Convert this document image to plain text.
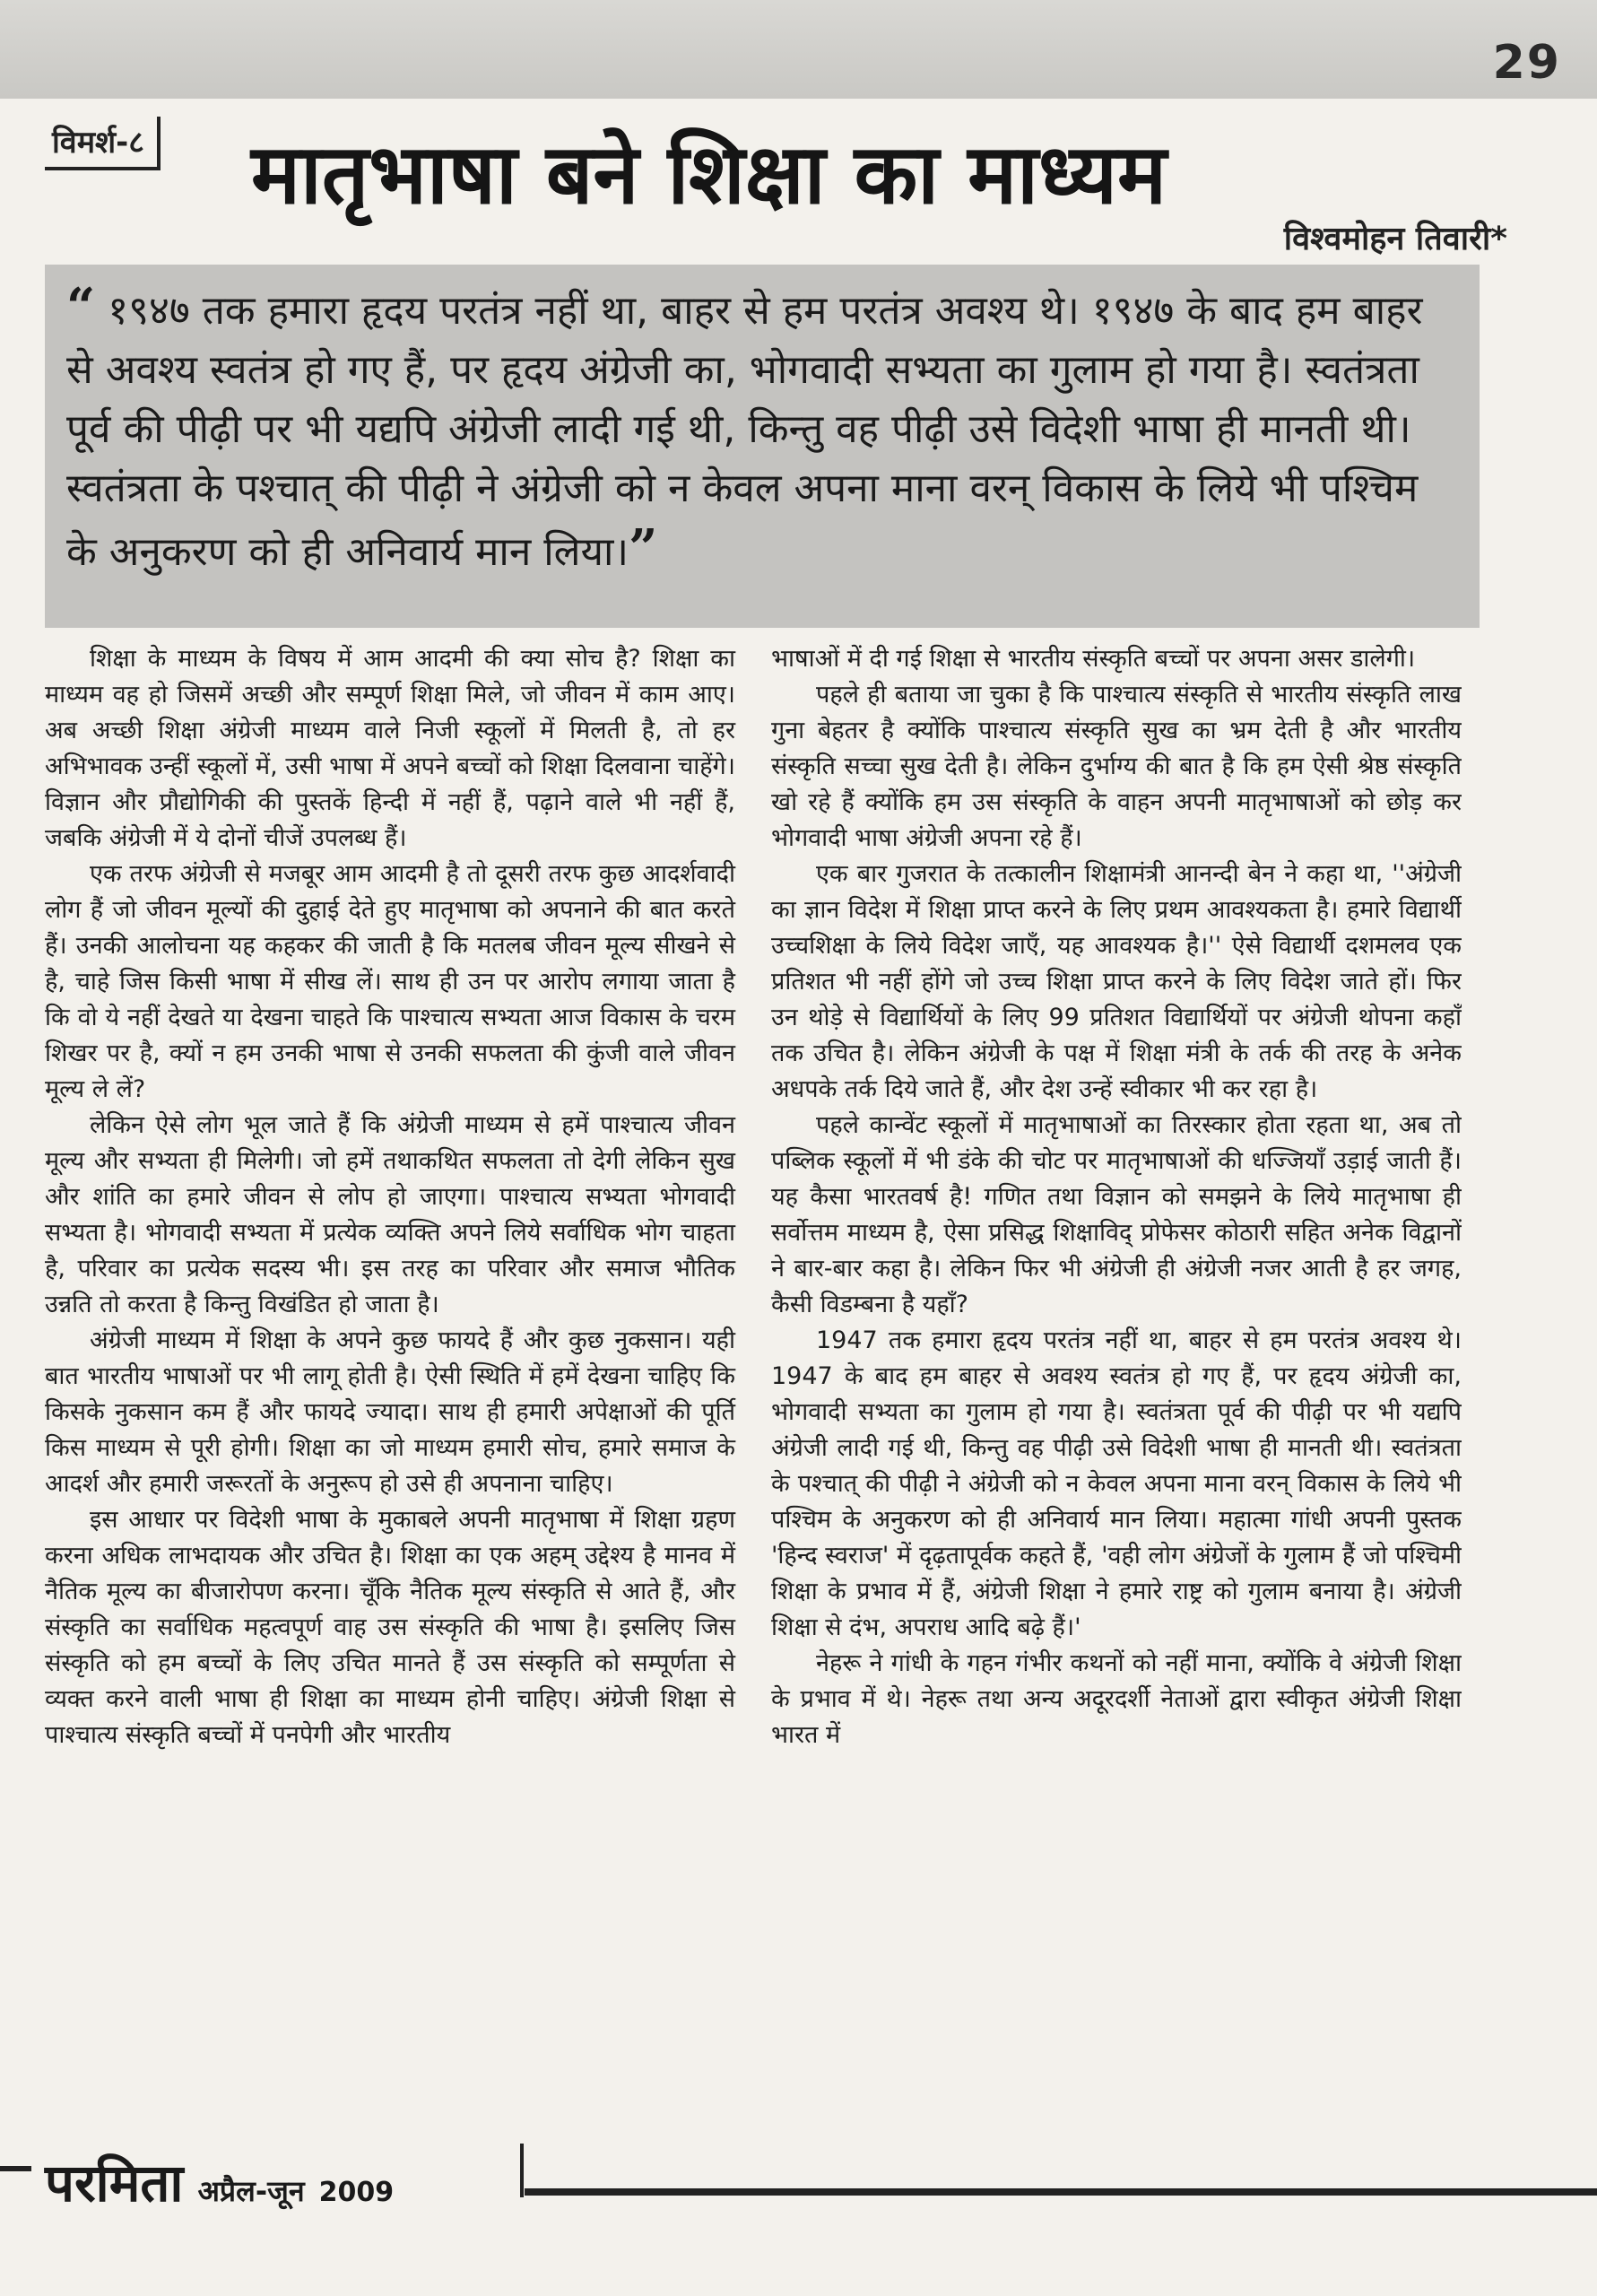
29
विमर्श-८ मातृभाषा बने शिक्षा का माध्यम
विश्वमोहन तिवारी*
“ १९४७ तक हमारा हृदय परतंत्र नहीं था, बाहर से हम परतंत्र अवश्य थे। १९४७ के बाद हम बाहर से अवश्य स्वतंत्र हो गए हैं, पर हृदय अंग्रेजी का, भोगवादी सभ्यता का गुलाम हो गया है। स्वतंत्रता पूर्व की पीढ़ी पर भी यद्यपि अंग्रेजी लादी गई थी, किन्तु वह पीढ़ी उसे विदेशी भाषा ही मानती थी। स्वतंत्रता के पश्चात् की पीढ़ी ने अंग्रेजी को न केवल अपना माना वरन् विकास के लिये भी पश्चिम के अनुकरण को ही अनिवार्य मान लिया।”

शिक्षा के माध्यम के विषय में आम आदमी की क्या सोच है? शिक्षा का माध्यम वह हो जिसमें अच्छी और सम्पूर्ण शिक्षा मिले, जो जीवन में काम आए। अब अच्छी शिक्षा अंग्रेजी माध्यम वाले निजी स्कूलों में मिलती है, तो हर अभिभावक उन्हीं स्कूलों में, उसी भाषा में अपने बच्चों को शिक्षा दिलवाना चाहेंगे। विज्ञान और प्रौद्योगिकी की पुस्तकें हिन्दी में नहीं हैं, पढ़ाने वाले भी नहीं हैं, जबकि अंग्रेजी में ये दोनों चीजें उपलब्ध हैं।

एक तरफ अंग्रेजी से मजबूर आम आदमी है तो दूसरी तरफ कुछ आदर्शवादी लोग हैं जो जीवन मूल्यों की दुहाई देते हुए मातृभाषा को अपनाने की बात करते हैं। उनकी आलोचना यह कहकर की जाती है कि मतलब जीवन मूल्य सीखने से है, चाहे जिस किसी भाषा में सीख लें। साथ ही उन पर आरोप लगाया जाता है कि वो ये नहीं देखते या देखना चाहते कि पाश्चात्य सभ्यता आज विकास के चरम शिखर पर है, क्यों न हम उनकी भाषा से उनकी सफलता की कुंजी वाले जीवन मूल्य ले लें?

लेकिन ऐसे लोग भूल जाते हैं कि अंग्रेजी माध्यम से हमें पाश्चात्य जीवन मूल्य और सभ्यता ही मिलेगी। जो हमें तथाकथित सफलता तो देगी लेकिन सुख और शांति का हमारे जीवन से लोप हो जाएगा। पाश्चात्य सभ्यता भोगवादी सभ्यता है। भोगवादी सभ्यता में प्रत्येक व्यक्ति अपने लिये सर्वाधिक भोग चाहता है, परिवार का प्रत्येक सदस्य भी। इस तरह का परिवार और समाज भौतिक उन्नति तो करता है किन्तु विखंडित हो जाता है।

अंग्रेजी माध्यम में शिक्षा के अपने कुछ फायदे हैं और कुछ नुकसान। यही बात भारतीय भाषाओं पर भी लागू होती है। ऐसी स्थिति में हमें देखना चाहिए कि किसके नुकसान कम हैं और फायदे ज्यादा। साथ ही हमारी अपेक्षाओं की पूर्ति किस माध्यम से पूरी होगी। शिक्षा का जो माध्यम हमारी सोच, हमारे समाज के आदर्श और हमारी जरूरतों के अनुरूप हो उसे ही अपनाना चाहिए।

इस आधार पर विदेशी भाषा के मुकाबले अपनी मातृभाषा में शिक्षा ग्रहण करना अधिक लाभदायक और उचित है। शिक्षा का एक अहम् उद्देश्य है मानव में नैतिक मूल्य का बीजारोपण करना। चूँकि नैतिक मूल्य संस्कृति से आते हैं, और संस्कृति का सर्वाधिक महत्वपूर्ण वाह उस संस्कृति की भाषा है। इसलिए जिस संस्कृति को हम बच्चों के लिए उचित मानते हैं उस संस्कृति को सम्पूर्णता से व्यक्त करने वाली भाषा ही शिक्षा का माध्यम होनी चाहिए। अंग्रेजी शिक्षा से पाश्चात्य संस्कृति बच्चों में पनपेगी और भारतीय

भाषाओं में दी गई शिक्षा से भारतीय संस्कृति बच्चों पर अपना असर डालेगी।

पहले ही बताया जा चुका है कि पाश्चात्य संस्कृति से भारतीय संस्कृति लाख गुना बेहतर है क्योंकि पाश्चात्य संस्कृति सुख का भ्रम देती है और भारतीय संस्कृति सच्चा सुख देती है। लेकिन दुर्भाग्य की बात है कि हम ऐसी श्रेष्ठ संस्कृति खो रहे हैं क्योंकि हम उस संस्कृति के वाहन अपनी मातृभाषाओं को छोड़ कर भोगवादी भाषा अंग्रेजी अपना रहे हैं।

एक बार गुजरात के तत्कालीन शिक्षामंत्री आनन्दी बेन ने कहा था, ''अंग्रेजी का ज्ञान विदेश में शिक्षा प्राप्त करने के लिए प्रथम आवश्यकता है। हमारे विद्यार्थी उच्चशिक्षा के लिये विदेश जाएँ, यह आवश्यक है।'' ऐसे विद्यार्थी दशमलव एक प्रतिशत भी नहीं होंगे जो उच्च शिक्षा प्राप्त करने के लिए विदेश जाते हों। फिर उन थोड़े से विद्यार्थियों के लिए 99 प्रतिशत विद्यार्थियों पर अंग्रेजी थोपना कहाँ तक उचित है। लेकिन अंग्रेजी के पक्ष में शिक्षा मंत्री के तर्क की तरह के अनेक अधपके तर्क दिये जाते हैं, और देश उन्हें स्वीकार भी कर रहा है।

पहले कान्वेंट स्कूलों में मातृभाषाओं का तिरस्कार होता रहता था, अब तो पब्लिक स्कूलों में भी डंके की चोट पर मातृभाषाओं की धज्जियाँ उड़ाई जाती हैं। यह कैसा भारतवर्ष है! गणित तथा विज्ञान को समझने के लिये मातृभाषा ही सर्वोत्तम माध्यम है, ऐसा प्रसिद्ध शिक्षाविद् प्रोफेसर कोठारी सहित अनेक विद्वानों ने बार-बार कहा है। लेकिन फिर भी अंग्रेजी ही अंग्रेजी नजर आती है हर जगह, कैसी विडम्बना है यहाँ?

1947 तक हमारा हृदय परतंत्र नहीं था, बाहर से हम परतंत्र अवश्य थे। 1947 के बाद हम बाहर से अवश्य स्वतंत्र हो गए हैं, पर हृदय अंग्रेजी का, भोगवादी सभ्यता का गुलाम हो गया है। स्वतंत्रता पूर्व की पीढ़ी पर भी यद्यपि अंग्रेजी लादी गई थी, किन्तु वह पीढ़ी उसे विदेशी भाषा ही मानती थी। स्वतंत्रता के पश्चात् की पीढ़ी ने अंग्रेजी को न केवल अपना माना वरन् विकास के लिये भी पश्चिम के अनुकरण को ही अनिवार्य मान लिया। महात्मा गांधी अपनी पुस्तक 'हिन्द स्वराज' में दृढ़तापूर्वक कहते हैं, 'वही लोग अंग्रेजों के गुलाम हैं जो पश्चिमी शिक्षा के प्रभाव में हैं, अंग्रेजी शिक्षा ने हमारे राष्ट्र को गुलाम बनाया है। अंग्रेजी शिक्षा से दंभ, अपराध आदि बढ़े हैं।'

नेहरू ने गांधी के गहन गंभीर कथनों को नहीं माना, क्योंकि वे अंग्रेजी शिक्षा के प्रभाव में थे। नेहरू तथा अन्य अदूरदर्शी नेताओं द्वारा स्वीकृत अंग्रेजी शिक्षा भारत में

परमिता अप्रैल-जून 2009
